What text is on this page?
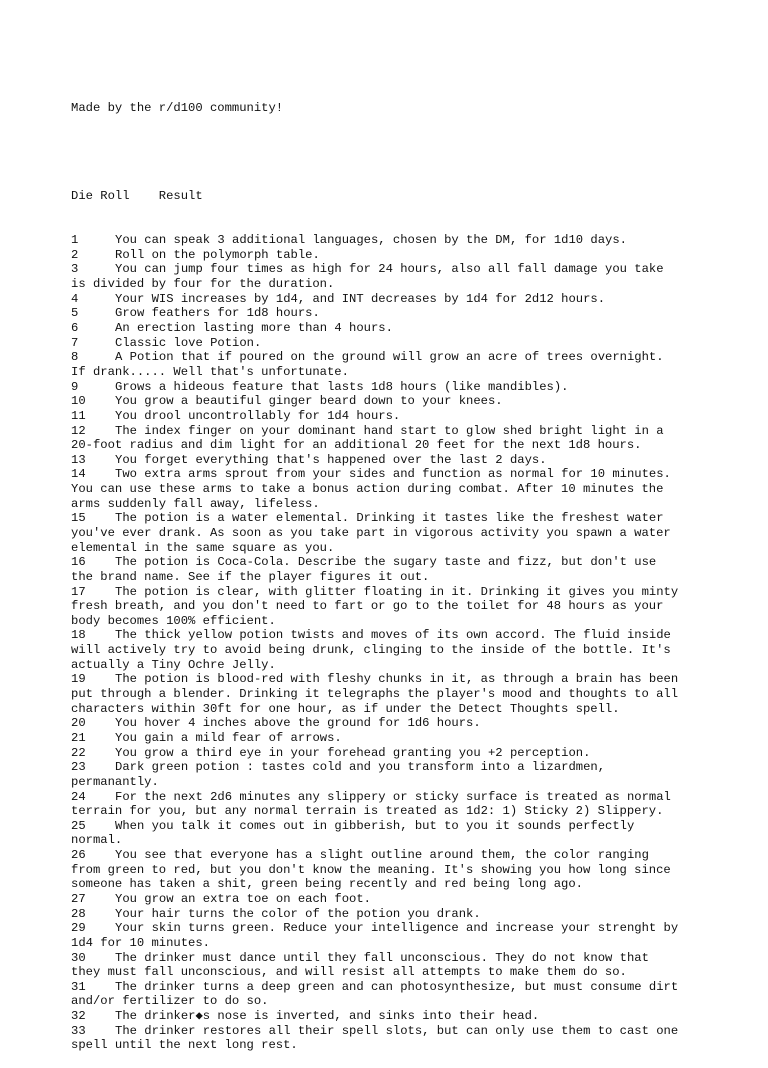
Made by the r/d100 community!

Die Roll Result

1	You can speak 3 additional languages, chosen by the DM, for 1d10 days.
2	Roll on the polymorph table.
3	You can jump four times as high for 24 hours, also all fall damage you take
is divided by four for the duration.
4	Your WIS increases by 1d4, and INT decreases by 1d4 for 2d12 hours.
5	Grow feathers for 1d8 hours.
6	An erection lasting more than 4 hours.
7	Classic love Potion.
8	A Potion that if poured on the ground will grow an acre of trees overnight.
If drank..... Well that's unfortunate.
9	Grows a hideous feature that lasts 1d8 hours (like mandibles).
10 You grow a beautiful ginger beard down to your knees.
11 You drool uncontrollably for 1d4 hours.
12 The index finger on your dominant hand start to glow shed bright light in a
20-foot radius and dim light for an additional 20 feet for the next 1d8 hours.
13 You forget everything that's happened over the last 2 days.
14 Two extra arms sprout from your sides and function as normal for 10 minutes.
You can use these arms to take a bonus action during combat. After 10 minutes the
arms suddenly fall away, lifeless.
15 The potion is a water elemental. Drinking it tastes like the freshest water
you've ever drank. As soon as you take part in vigorous activity you spawn a water
elemental in the same square as you.
16 The potion is Coca-Cola. Describe the sugary taste and fizz, but don't use
the brand name. See if the player figures it out.
17 The potion is clear, with glitter floating in it. Drinking it gives you minty
fresh breath, and you don't need to fart or go to the toilet for 48 hours as your
body becomes 100% efficient.
18 The thick yellow potion twists and moves of its own accord. The fluid inside
will actively try to avoid being drunk, clinging to the inside of the bottle. It's
actually a Tiny Ochre Jelly.
19 The potion is blood-red with fleshy chunks in it, as through a brain has been
put through a blender. Drinking it telegraphs the player's mood and thoughts to all
characters within 30ft for one hour, as if under the Detect Thoughts spell.
20 You hover 4 inches above the ground for 1d6 hours.
21 You gain a mild fear of arrows.
22 You grow a third eye in your forehead granting you +2 perception.
23 Dark green potion : tastes cold and you transform into a lizardmen,
permanantly.
24 For the next 2d6 minutes any slippery or sticky surface is treated as normal
terrain for you, but any normal terrain is treated as 1d2: 1) Sticky 2) Slippery.
25 When you talk it comes out in gibberish, but to you it sounds perfectly
normal.
26 You see that everyone has a slight outline around them, the color ranging
from green to red, but you don't know the meaning. It's showing you how long since
someone has taken a shit, green being recently and red being long ago.
27 You grow an extra toe on each foot.
28 Your hair turns the color of the potion you drank.
29 Your skin turns green. Reduce your intelligence and increase your strenght by
1d4 for 10 minutes.
30 The drinker must dance until they fall unconscious. They do not know that
they must fall unconscious, and will resist all attempts to make them do so.
31 The drinker turns a deep green and can photosynthesize, but must consume dirt
and/or fertilizer to do so.
32 The drinker◆s nose is inverted, and sinks into their head.
33 The drinker restores all their spell slots, but can only use them to cast one
spell until the next long rest.
